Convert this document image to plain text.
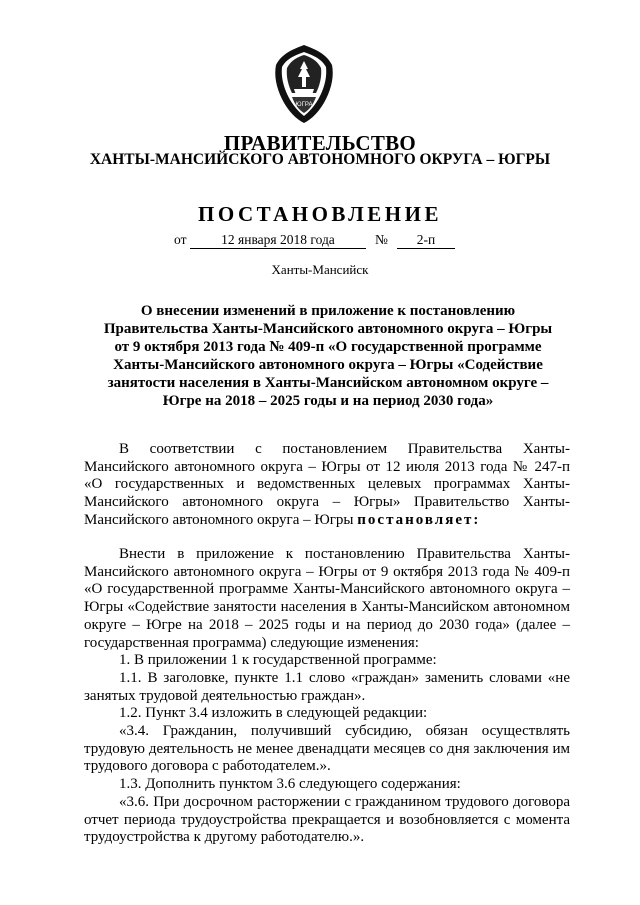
ЮГРА
ПРАВИТЕЛЬСТВО
ХАНТЫ-МАНСИЙСКОГО АВТОНОМНОГО ОКРУГА – ЮГРЫ
ПОСТАНОВЛЕНИЕ
от	12 января 2018 года	№	2-п
Ханты-Мансийск
О внесении изменений в приложение к постановлению
Правительства Ханты-Мансийского автономного округа – Югры
от 9 октября 2013 года № 409-п «О государственной программе
Ханты-Мансийского автономного округа – Югры «Содействие
занятости населения в Ханты-Мансийском автономном округе –
Югре на 2018 – 2025 годы и на период 2030 года»

В соответствии с постановлением Правительства Ханты-Мансийского автономного округа – Югры от 12 июля 2013 года № 247-п «О государственных и ведомственных целевых программах Ханты-Мансийского автономного округа – Югры» Правительство Ханты-Мансийского автономного округа – Югры постановляет:

Внести в приложение к постановлению Правительства Ханты-Мансийского автономного округа – Югры от 9 октября 2013 года № 409-п «О государственной программе Ханты-Мансийского автономного округа – Югры «Содействие занятости населения в Ханты-Мансийском автономном округе – Югре на 2018 – 2025 годы и на период до 2030 года» (далее – государственная программа) следующие изменения:

1. В приложении 1 к государственной программе:

1.1. В заголовке, пункте 1.1 слово «граждан» заменить словами «не занятых трудовой деятельностью граждан».

1.2. Пункт 3.4 изложить в следующей редакции:

«3.4. Гражданин, получивший субсидию, обязан осуществлять трудовую деятельность не менее двенадцати месяцев со дня заключения им трудового договора с работодателем.».

1.3. Дополнить пунктом 3.6 следующего содержания:

«3.6. При досрочном расторжении с гражданином трудового договора отчет периода трудоустройства прекращается и возобновляется с момента трудоустройства к другому работодателю.».
